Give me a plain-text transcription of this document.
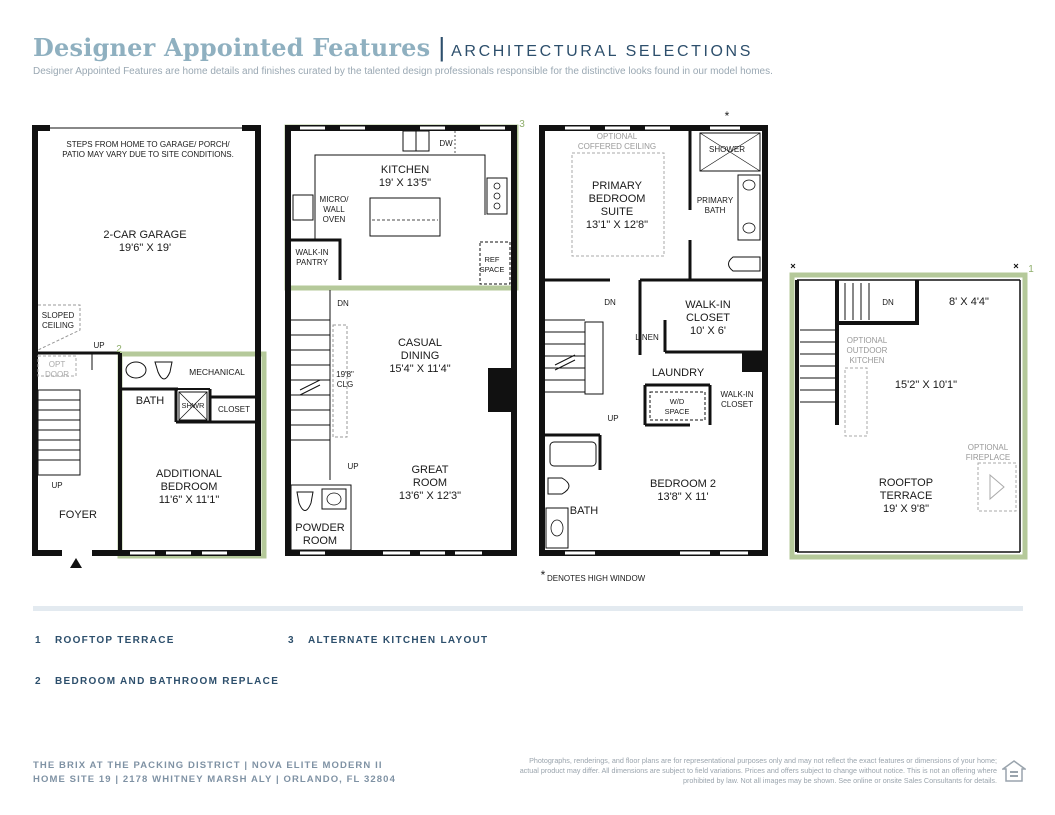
Designer Appointed Features | ARCHITECTURAL SELECTIONS
Designer Appointed Features are home details and finishes curated by the talented design professionals responsible for the distinctive looks found in our model homes.
STEPS FROM HOME TO GARAGE/ PORCH/
PATIO MAY VARY DUE TO SITE CONDITIONS.
2-CAR GARAGE
19'6" X 19'
SLOPED
CEILING
OPT
DOOR
UP
UP
FOYER
BATH SHWR
MECHANICAL
CLOSET
ADDITIONAL
BEDROOM
11'6" X 11'1"
2
3
DW
KITCHEN
19' X 13'5"
MICRO/
WALL
OVEN
WALK-IN
PANTRY	REF
SPACE
DN
CASUAL
DINING
15'4" X 11'4"
19'8"
CLG
UP	GREAT
ROOM
13'6" X 12'3"
POWDER
ROOM
*
OPTIONAL
COFFERED CEILING	SHOWER
PRIMARY
BEDROOM
SUITE
13'1" X 12'8"
PRIMARY
BATH
DN	WALK-IN
CLOSET
10' X 6'
LINEN
LAUNDRY
W/D
SPACE
WALK-IN
CLOSET
UP
BATH
BEDROOM 2
13'8" X 11'
* DENOTES HIGH WINDOW
1
DN	8' X 4'4"
OPTIONAL
OUTDOOR
KITCHEN
15'2" X 10'1"
OPTIONAL
FIREPLACE
ROOFTOP
TERRACE
19' X 9'8"
1 ROOFTOP TERRACE
2 BEDROOM AND BATHROOM REPLACE
3 ALTERNATE KITCHEN LAYOUT
THE BRIX AT THE PACKING DISTRICT | NOVA ELITE MODERN II
HOME SITE 19 | 2178 WHITNEY MARSH ALY | ORLANDO, FL 32804
Photographs, renderings, and floor plans are for representational purposes only and may not reflect the exact features or dimensions of your home; actual product may differ. All dimensions are subject to field variations. Prices and offers subject to change without notice. This is not an offering where prohibited by law. Not all images may be shown. See online or onsite Sales Consultants for details.
